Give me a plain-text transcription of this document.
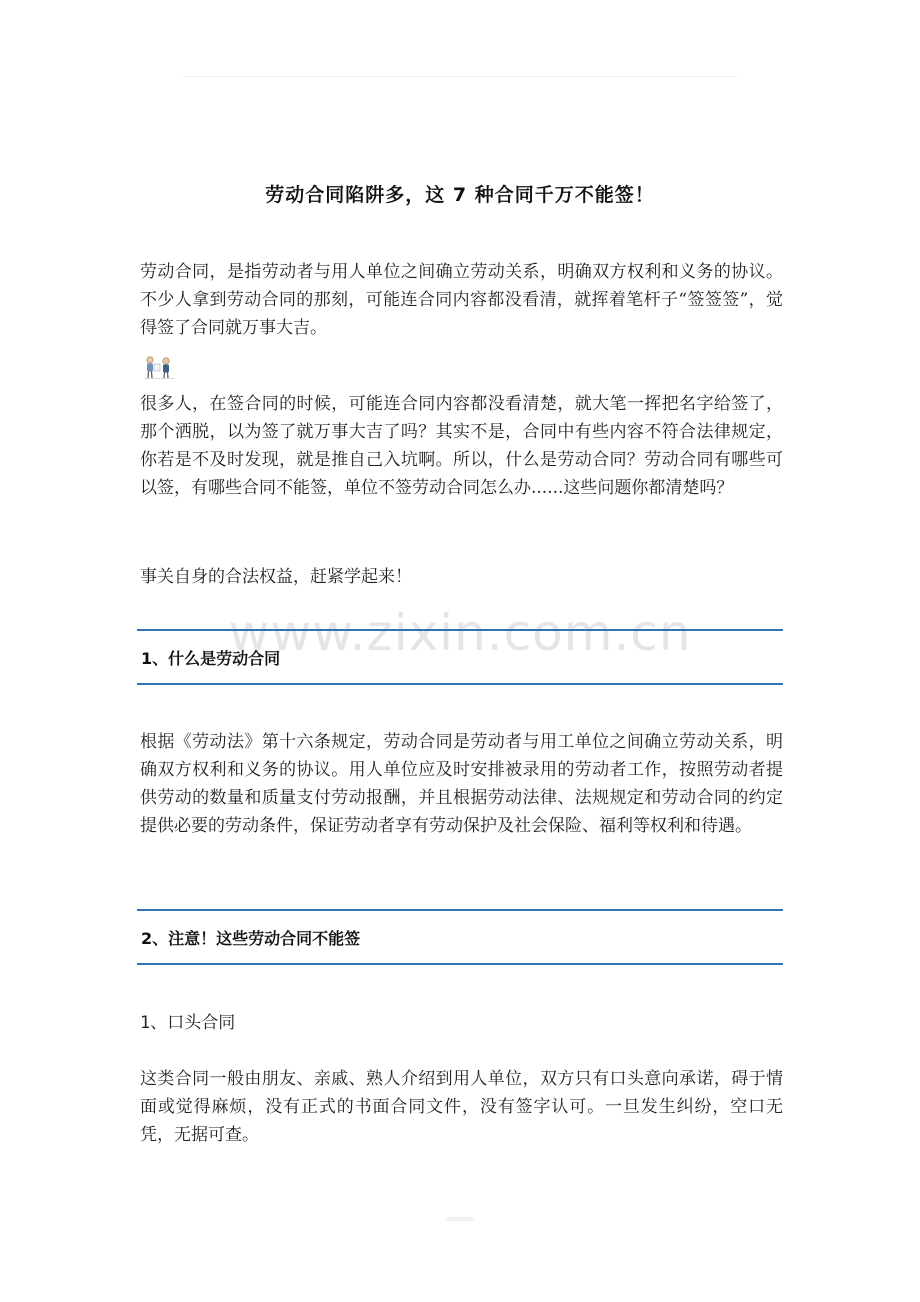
劳动合同陷阱多，这 7 种合同千万不能签！

劳动合同，是指劳动者与用人单位之间确立劳动关系，明确双方权利和义务的协议。不少人拿到劳动合同的那刻，可能连合同内容都没看清，就挥着笔杆子“签签签”，觉得签了合同就万事大吉。

很多人，在签合同的时候，可能连合同内容都没看清楚，就大笔一挥把名字给签了，那个洒脱，以为签了就万事大吉了吗？其实不是，合同中有些内容不符合法律规定，你若是不及时发现，就是推自己入坑啊。所以，什么是劳动合同？劳动合同有哪些可以签，有哪些合同不能签，单位不签劳动合同怎么办......这些问题你都清楚吗？

事关自身的合法权益，赶紧学起来！

www.zixin.com.cn
1、什么是劳动合同

根据《劳动法》第十六条规定，劳动合同是劳动者与用工单位之间确立劳动关系，明确双方权利和义务的协议。用人单位应及时安排被录用的劳动者工作，按照劳动者提供劳动的数量和质量支付劳动报酬，并且根据劳动法律、法规规定和劳动合同的约定提供必要的劳动条件，保证劳动者享有劳动保护及社会保险、福利等权利和待遇。

2、注意！这些劳动合同不能签

1、口头合同

这类合同一般由朋友、亲戚、熟人介绍到用人单位，双方只有口头意向承诺，碍于情面或觉得麻烦，没有正式的书面合同文件，没有签字认可。一旦发生纠纷，空口无凭，无据可查。
